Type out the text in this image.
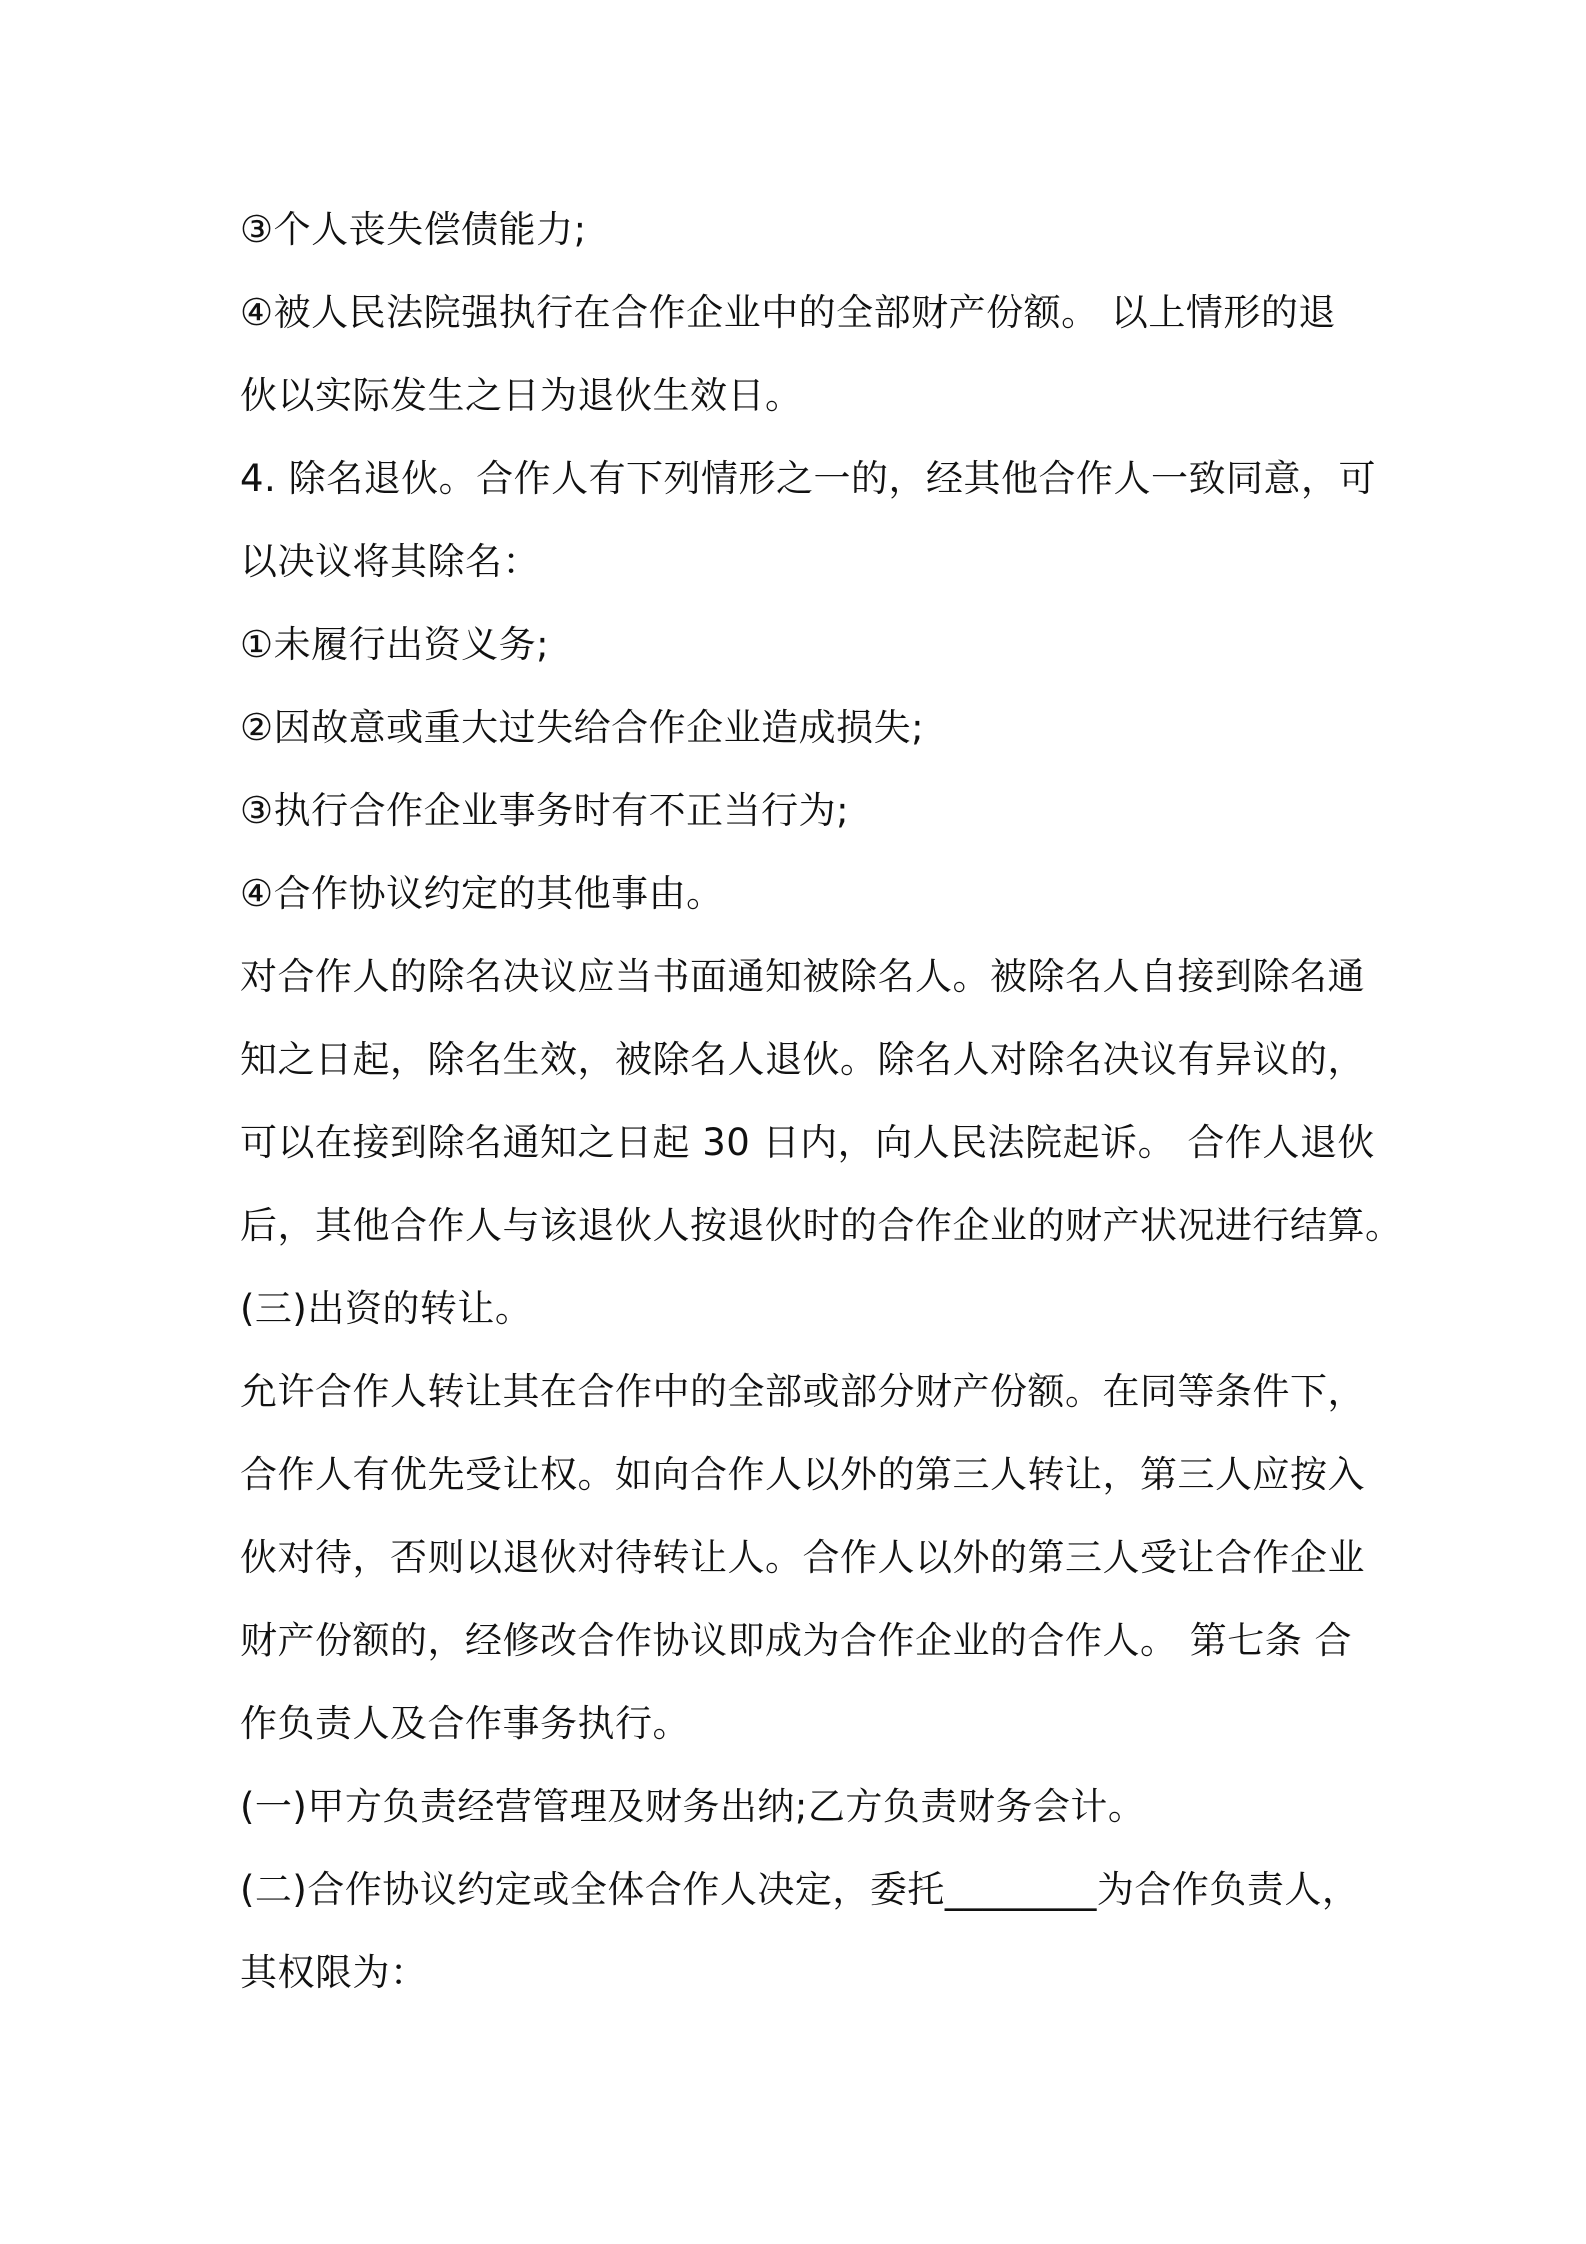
③个人丧失偿债能力;
④被人民法院强执行在合作企业中的全部财产份额。 以上情形的退
伙以实际发生之日为退伙生效日。
4. 除名退伙。合作人有下列情形之一的，经其他合作人一致同意，可
以决议将其除名：
①未履行出资义务;
②因故意或重大过失给合作企业造成损失;
③执行合作企业事务时有不正当行为;
④合作协议约定的其他事由。
对合作人的除名决议应当书面通知被除名人。被除名人自接到除名通
知之日起，除名生效，被除名人退伙。除名人对除名决议有异议的，
可以在接到除名通知之日起 30 日内，向人民法院起诉。 合作人退伙
后，其他合作人与该退伙人按退伙时的合作企业的财产状况进行结算。
(三)出资的转让。
允许合作人转让其在合作中的全部或部分财产份额。在同等条件下，
合作人有优先受让权。如向合作人以外的第三人转让，第三人应按入
伙对待，否则以退伙对待转让人。合作人以外的第三人受让合作企业
财产份额的，经修改合作协议即成为合作企业的合作人。 第七条 合
作负责人及合作事务执行。
(一)甲方负责经营管理及财务出纳;乙方负责财务会计。
(二)合作协议约定或全体合作人决定，委托________为合作负责人，
其权限为：
